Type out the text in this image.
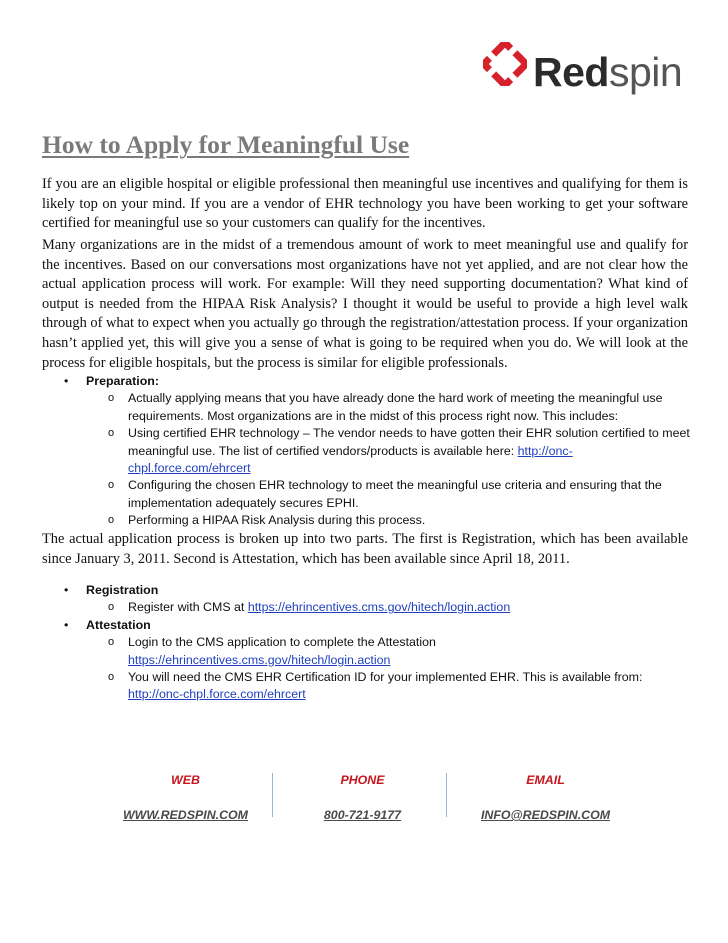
Redspin
How to Apply for Meaningful Use

If you are an eligible hospital or eligible professional then meaningful use incentives and qualifying for them is likely top on your mind. If you are a vendor of EHR technology you have been working to get your software certified for meaningful use so your customers can qualify for the incentives.

Many organizations are in the midst of a tremendous amount of work to meet meaningful use and qualify for the incentives. Based on our conversations most organizations have not yet applied, and are not clear how the actual application process will work. For example: Will they need supporting documentation? What kind of output is needed from the HIPAA Risk Analysis? I thought it would be useful to provide a high level walk through of what to expect when you actually go through the registration/attestation process. If your organization hasn’t applied yet, this will give you a sense of what is going to be required when you do. We will look at the process for eligible hospitals, but the process is similar for eligible professionals.

• Preparation:
o Actually applying means that you have already done the hard work of meeting the meaningful use requirements. Most organizations are in the midst of this process right now. This includes:
o Using certified EHR technology – The vendor needs to have gotten their EHR solution certified to meet meaningful use. The list of certified vendors/products is available here: http://onc-chpl.force.com/ehrcert
o Configuring the chosen EHR technology to meet the meaningful use criteria and ensuring that the implementation adequately secures EPHI.
o Performing a HIPAA Risk Analysis during this process.

The actual application process is broken up into two parts. The first is Registration, which has been available since January 3, 2011. Second is Attestation, which has been available since April 18, 2011.

• Registration
o Register with CMS at https://ehrincentives.cms.gov/hitech/login.action
• Attestation
o Login to the CMS application to complete the Attestation https://ehrincentives.cms.gov/hitech/login.action
o You will need the CMS EHR Certification ID for your implemented EHR. This is available from: http://onc-chpl.force.com/ehrcert
WEB
WWW.REDSPIN.COM
PHONE
800-721-9177
EMAIL
INFO@REDSPIN.COM
